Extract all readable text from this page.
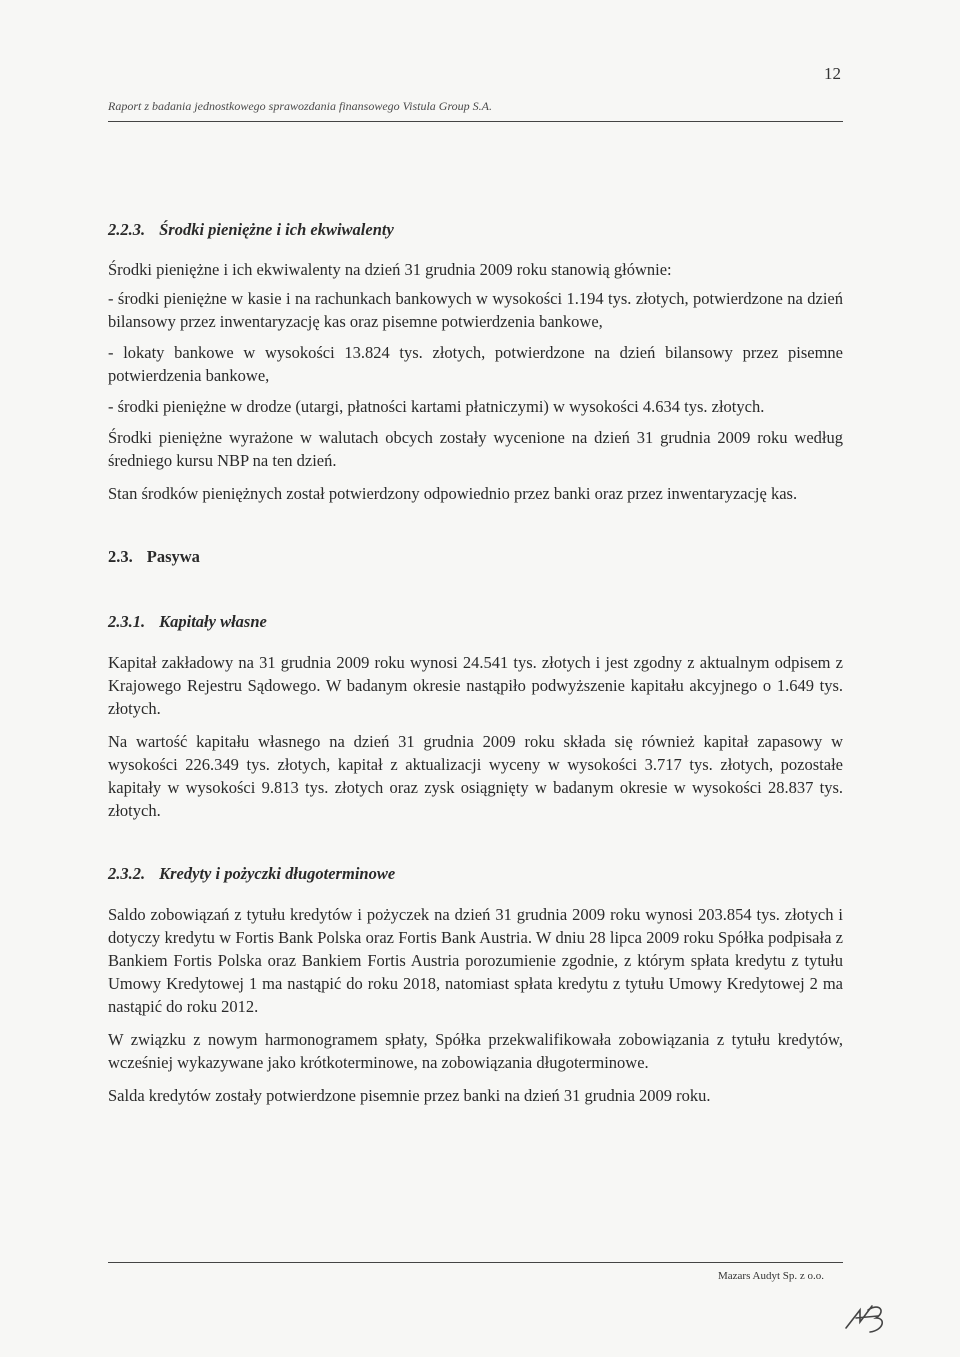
12
Raport z badania jednostkowego sprawozdania finansowego Vistula Group S.A.
2.2.3. Środki pieniężne i ich ekwiwalenty

Środki pieniężne i ich ekwiwalenty na dzień 31 grudnia 2009 roku stanowią głównie:

- środki pieniężne w kasie i na rachunkach bankowych w wysokości 1.194 tys. złotych, potwierdzone na dzień bilansowy przez inwentaryzację kas oraz pisemne potwierdzenia bankowe,

- lokaty bankowe w wysokości 13.824 tys. złotych, potwierdzone na dzień bilansowy przez pisemne potwierdzenia bankowe,

- środki pieniężne w drodze (utargi, płatności kartami płatniczymi) w wysokości 4.634 tys. złotych.

Środki pieniężne wyrażone w walutach obcych zostały wycenione na dzień 31 grudnia 2009 roku według średniego kursu NBP na ten dzień.

Stan środków pieniężnych został potwierdzony odpowiednio przez banki oraz przez inwentaryzację kas.

2.3. Pasywa
2.3.1. Kapitały własne

Kapitał zakładowy na 31 grudnia 2009 roku wynosi 24.541 tys. złotych i jest zgodny z aktualnym odpisem z Krajowego Rejestru Sądowego. W badanym okresie nastąpiło podwyższenie kapitału akcyjnego o 1.649 tys. złotych.

Na wartość kapitału własnego na dzień 31 grudnia 2009 roku składa się również kapitał zapasowy w wysokości 226.349 tys. złotych, kapitał z aktualizacji wyceny w wysokości 3.717 tys. złotych, pozostałe kapitały w wysokości 9.813 tys. złotych oraz zysk osiągnięty w badanym okresie w wysokości 28.837 tys. złotych.

2.3.2. Kredyty i pożyczki długoterminowe

Saldo zobowiązań z tytułu kredytów i pożyczek na dzień 31 grudnia 2009 roku wynosi 203.854 tys. złotych i dotyczy kredytu w Fortis Bank Polska oraz Fortis Bank Austria. W dniu 28 lipca 2009 roku Spółka podpisała z Bankiem Fortis Polska oraz Bankiem Fortis Austria porozumienie zgodnie, z którym spłata kredytu z tytułu Umowy Kredytowej 1 ma nastąpić do roku 2018, natomiast spłata kredytu z tytułu Umowy Kredytowej 2 ma nastąpić do roku 2012.

W związku z nowym harmonogramem spłaty, Spółka przekwalifikowała zobowiązania z tytułu kredytów, wcześniej wykazywane jako krótkoterminowe, na zobowiązania długoterminowe.

Salda kredytów zostały potwierdzone pisemnie przez banki na dzień 31 grudnia 2009 roku.

Mazars Audyt Sp. z o.o.
